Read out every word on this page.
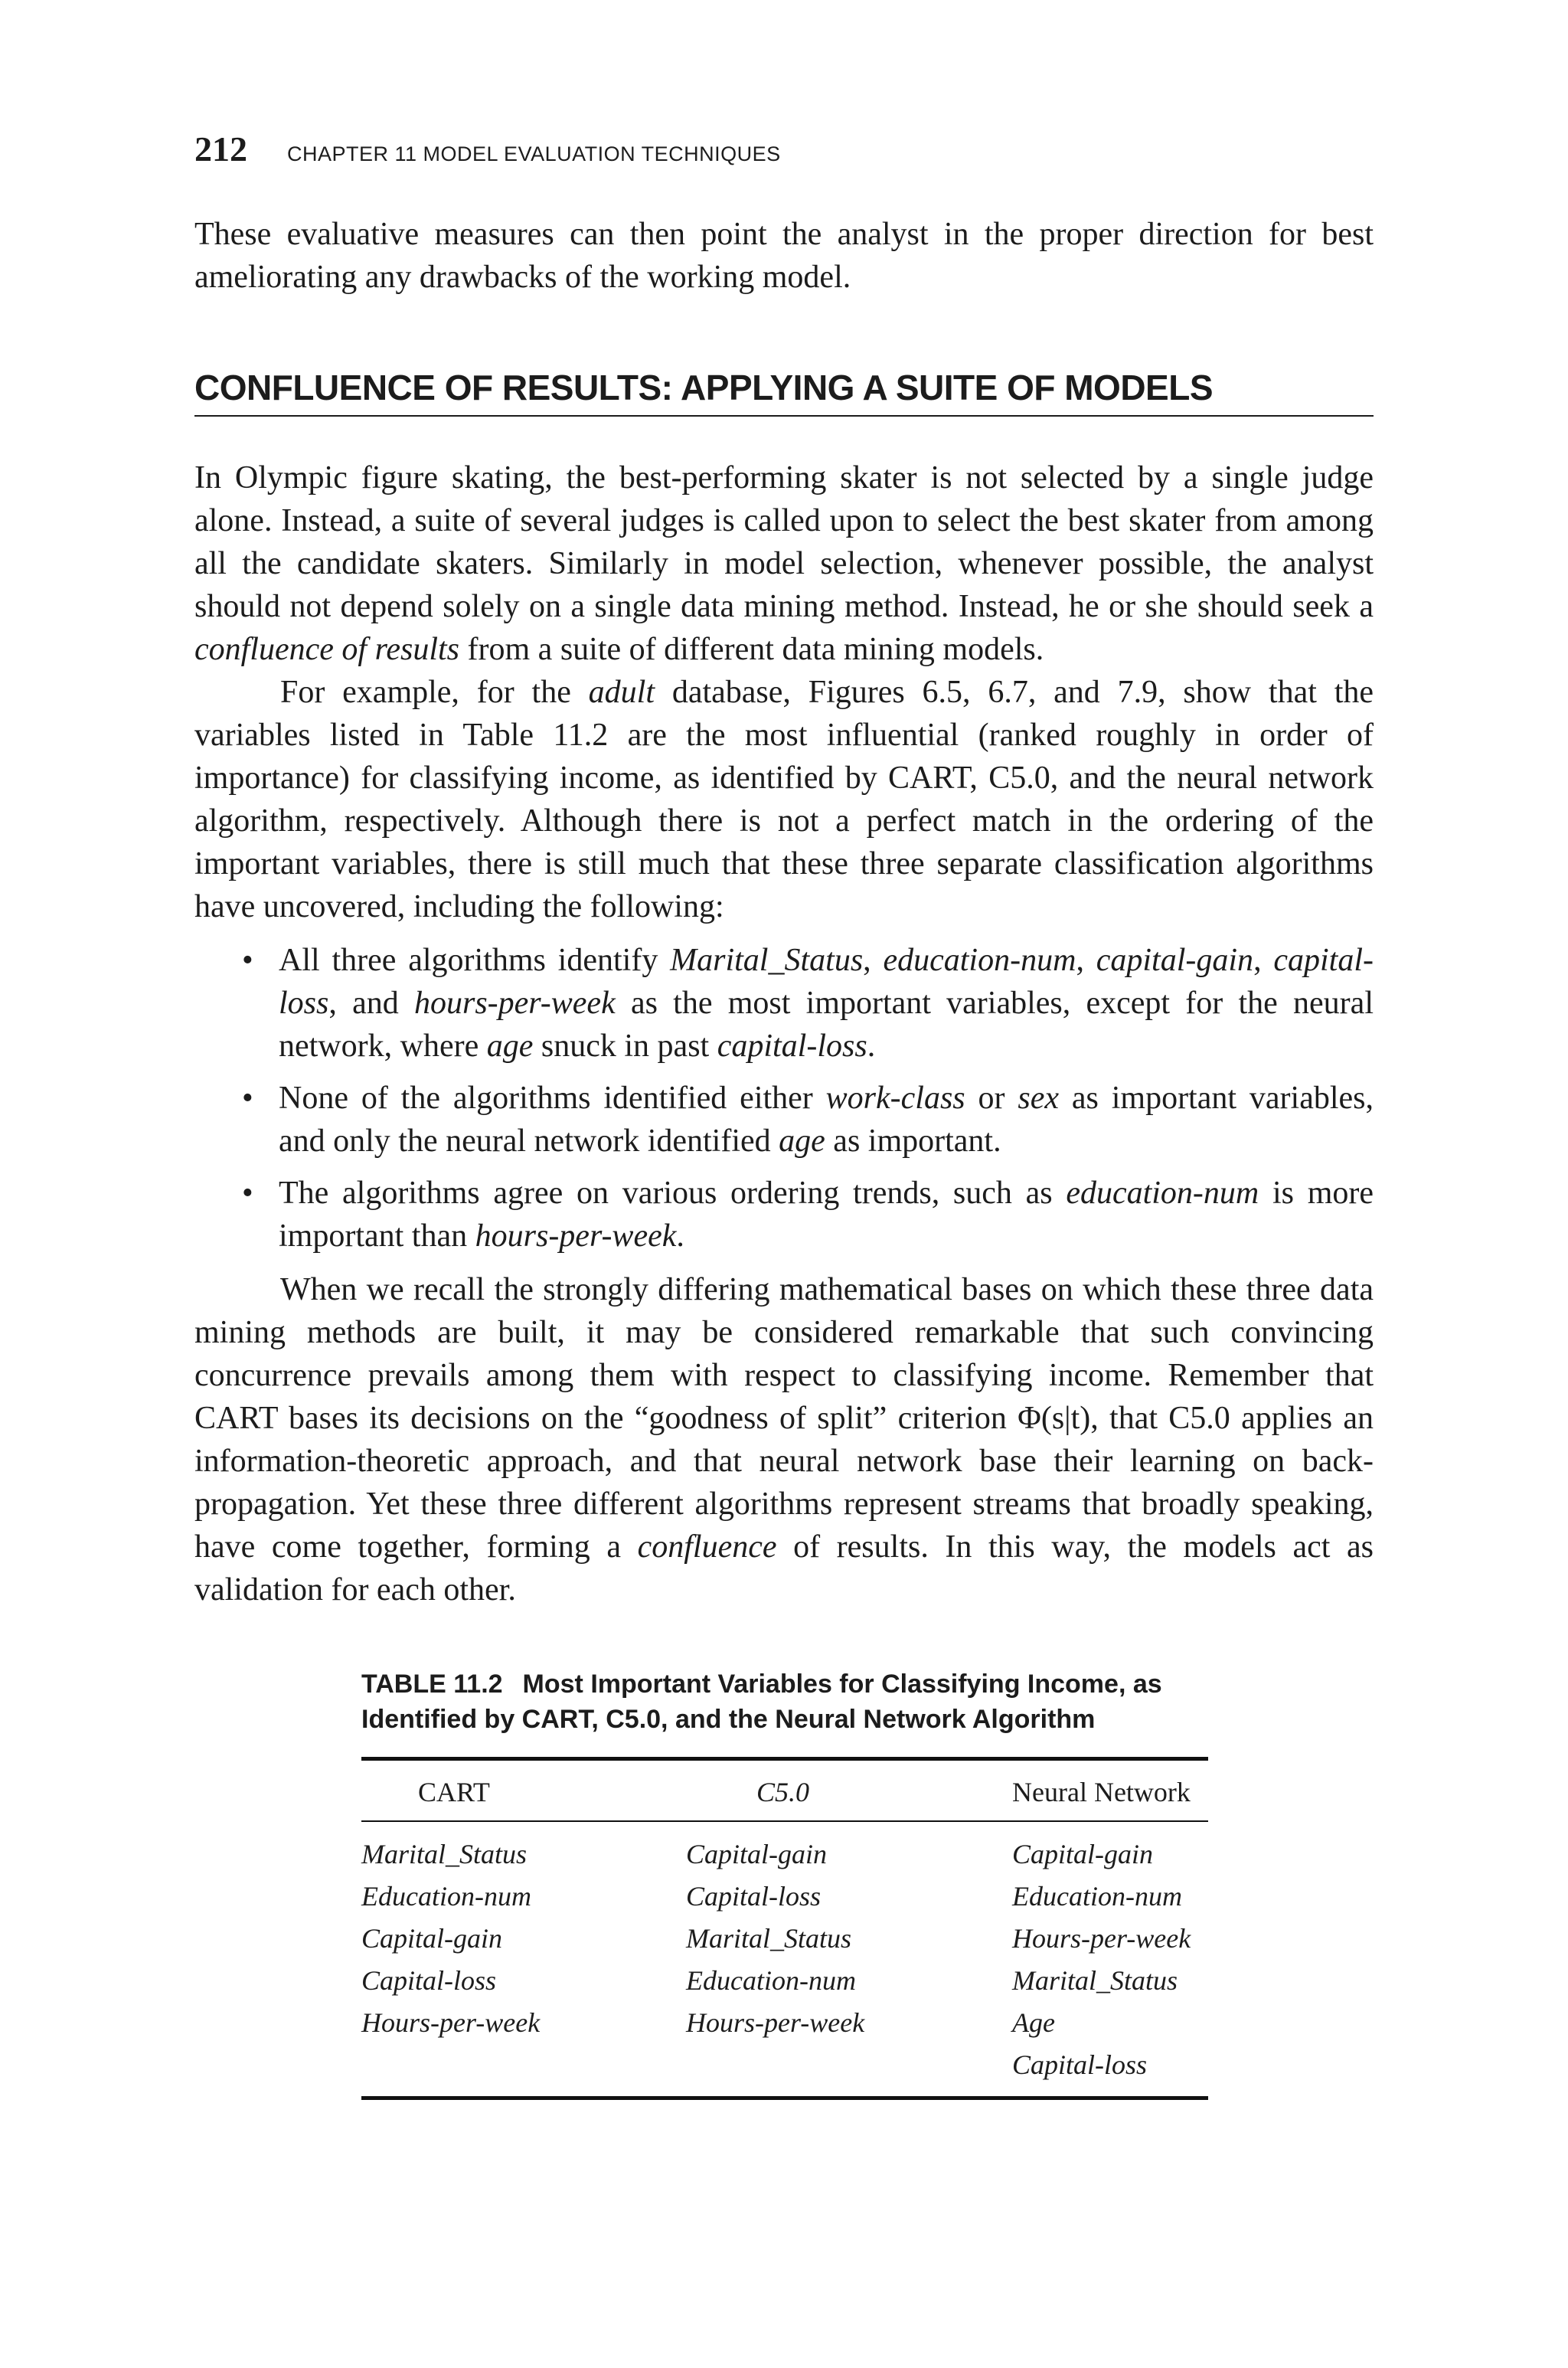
212 CHAPTER 11 MODEL EVALUATION TECHNIQUES

These evaluative measures can then point the analyst in the proper direction for best ameliorating any drawbacks of the working model.

CONFLUENCE OF RESULTS: APPLYING A SUITE OF MODELS

In Olympic figure skating, the best-performing skater is not selected by a single judge alone. Instead, a suite of several judges is called upon to select the best skater from among all the candidate skaters. Similarly in model selection, whenever possible, the analyst should not depend solely on a single data mining method. Instead, he or she should seek a confluence of results from a suite of different data mining models.

For example, for the adult database, Figures 6.5, 6.7, and 7.9, show that the variables listed in Table 11.2 are the most influential (ranked roughly in order of importance) for classifying income, as identified by CART, C5.0, and the neural network algorithm, respectively. Although there is not a perfect match in the ordering of the important variables, there is still much that these three separate classification algorithms have uncovered, including the following:

• All three algorithms identify Marital_Status, education-num, capital-gain, capital-loss, and hours-per-week as the most important variables, except for the neural network, where age snuck in past capital-loss.
• None of the algorithms identified either work-class or sex as important variables, and only the neural network identified age as important.
• The algorithms agree on various ordering trends, such as education-num is more important than hours-per-week.

When we recall the strongly differing mathematical bases on which these three data mining methods are built, it may be considered remarkable that such convincing concurrence prevails among them with respect to classifying income. Remember that CART bases its decisions on the “goodness of split” criterion Φ(s|t), that C5.0 applies an information-theoretic approach, and that neural network base their learning on back-propagation. Yet these three different algorithms represent streams that broadly speaking, have come together, forming a confluence of results. In this way, the models act as validation for each other.

TABLE 11.2 Most Important Variables for Classifying Income, as Identified by CART, C5.0, and the Neural Network Algorithm
CART	C5.0	Neural Network
Marital_Status	Capital-gain	Capital-gain
Education-num	Capital-loss	Education-num
Capital-gain	Marital_Status	Hours-per-week
Capital-loss	Education-num	Marital_Status
Hours-per-week	Hours-per-week	Age
		Capital-loss
